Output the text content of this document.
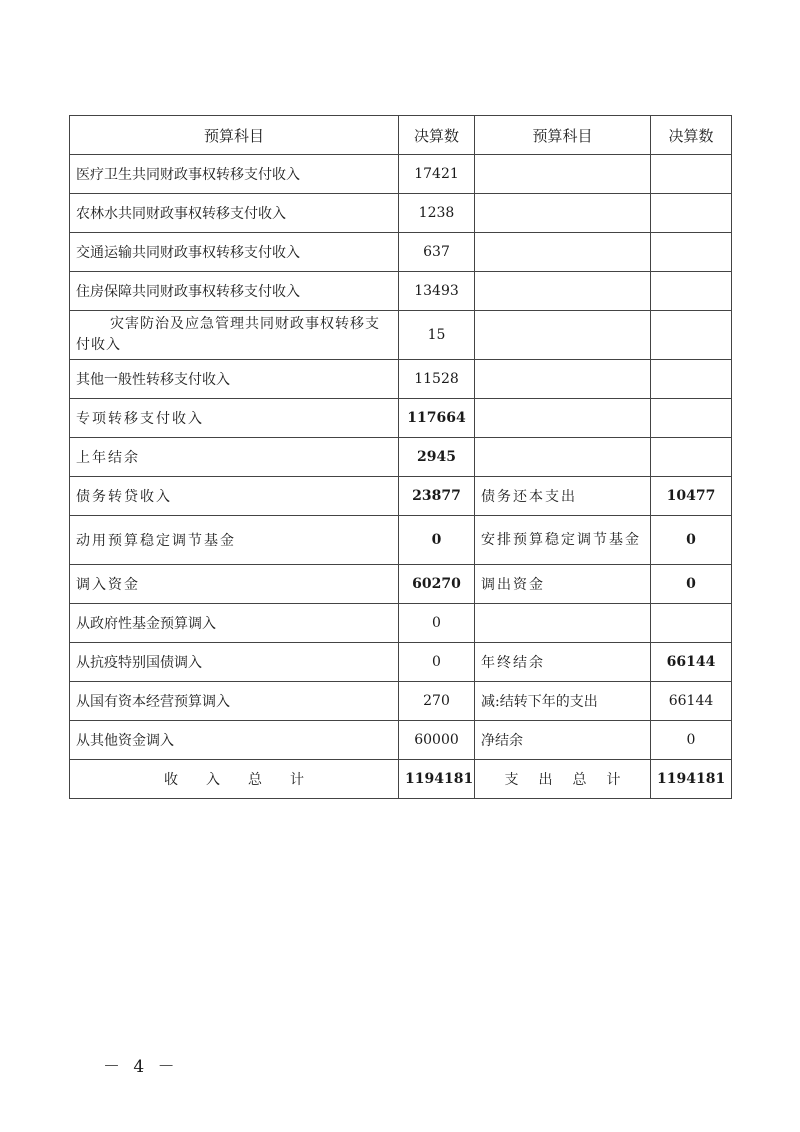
预算科目	决算数	预算科目	决算数
医疗卫生共同财政事权转移支付收入	17421		
农林水共同财政事权转移支付收入	1238		
交通运输共同财政事权转移支付收入	637		
住房保障共同财政事权转移支付收入	13493		
灾害防治及应急管理共同财政事权转移支付收入	15		
其他一般性转移支付收入	11528		
专项转移支付收入	117664		
上年结余	2945		
债务转贷收入	23877	债务还本支出	10477
动用预算稳定调节基金	0	安排预算稳定调节基金	0
调入资金	60270	调出资金	0
从政府性基金预算调入	0		
从抗疫特别国债调入	0	年终结余	66144
从国有资本经营预算调入	270	减:结转下年的支出	66144
从其他资金调入	60000	净结余	0
收入总计	1194181	支出总计	1194181
－ 4 －
